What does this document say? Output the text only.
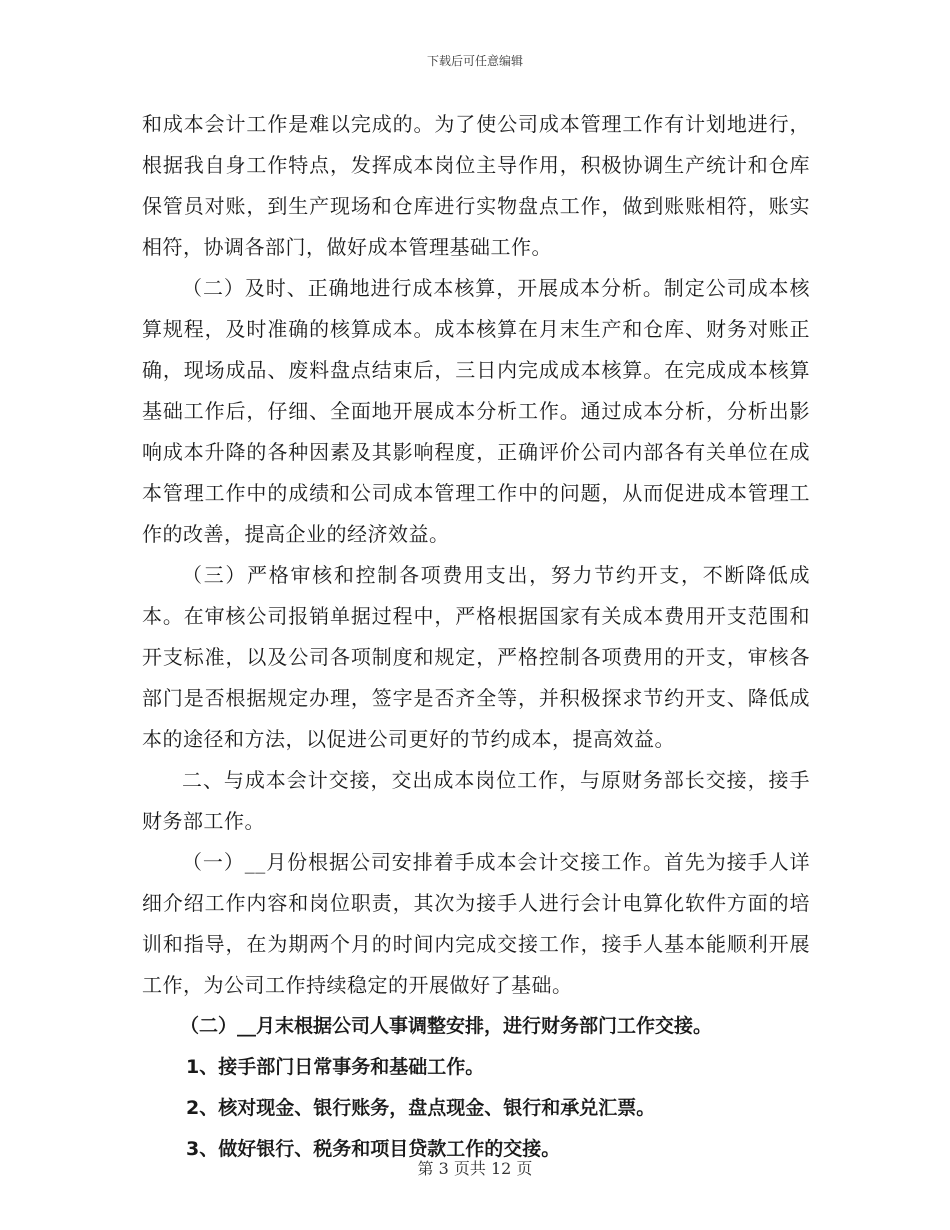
下载后可任意编辑

和成本会计工作是难以完成的。为了使公司成本管理工作有计划地进行，根据我自身工作特点，发挥成本岗位主导作用，积极协调生产统计和仓库保管员对账，到生产现场和仓库进行实物盘点工作，做到账账相符，账实相符，协调各部门，做好成本管理基础工作。

（二）及时、正确地进行成本核算，开展成本分析。制定公司成本核算规程，及时准确的核算成本。成本核算在月末生产和仓库、财务对账正确，现场成品、废料盘点结束后，三日内完成成本核算。在完成成本核算基础工作后，仔细、全面地开展成本分析工作。通过成本分析，分析出影响成本升降的各种因素及其影响程度，正确评价公司内部各有关单位在成本管理工作中的成绩和公司成本管理工作中的问题，从而促进成本管理工作的改善，提高企业的经济效益。

（三）严格审核和控制各项费用支出，努力节约开支，不断降低成本。在审核公司报销单据过程中，严格根据国家有关成本费用开支范围和开支标准，以及公司各项制度和规定，严格控制各项费用的开支，审核各部门是否根据规定办理，签字是否齐全等，并积极探求节约开支、降低成本的途径和方法，以促进公司更好的节约成本，提高效益。

二、与成本会计交接，交出成本岗位工作，与原财务部长交接，接手财务部工作。

（一）__月份根据公司安排着手成本会计交接工作。首先为接手人详细介绍工作内容和岗位职责，其次为接手人进行会计电算化软件方面的培训和指导，在为期两个月的时间内完成交接工作，接手人基本能顺利开展工作，为公司工作持续稳定的开展做好了基础。

（二）__月末根据公司人事调整安排，进行财务部门工作交接。

1、接手部门日常事务和基础工作。

2、核对现金、银行账务，盘点现金、银行和承兑汇票。

3、做好银行、税务和项目贷款工作的交接。

第 3 页共 12 页
